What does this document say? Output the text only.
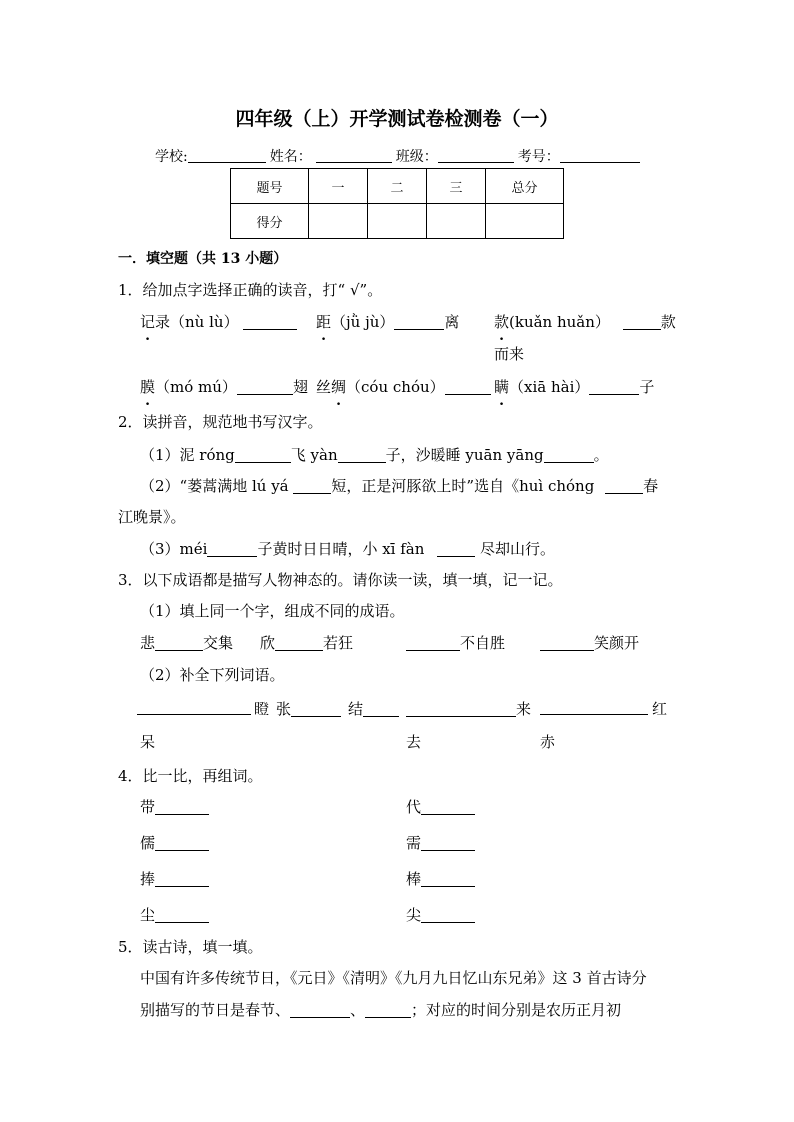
四年级（上）开学测试卷检测卷（一）
学校:	姓名：	班级：	考号：
题号	一	二	三	总分
得分				
一．填空题（共 13 小题）
1．给加点字选择正确的读音，打“ √”。
记录（nù lù）	距（jǜ jù）	离 款(kuǎn huǎn）	款
而来
膜（mó mú）	翅 丝绸（cóu chóu）	瞒（xiā hài）	子
2．读拼音，规范地书写汉字。
（1）泥 róng	飞 yàn	子，沙暖睡 yuān yāng	。
（2）“蒌蒿满地 lú yá	短，正是河豚欲上时”选自《huì chóng	春
江晚景》。
（3）méi	子黄时日日晴，小 xī fàn	尽却山行。
3．以下成语都是描写人物神态的。请你读一读，填一填，记一记。
（1）填上同一个字，组成不同的成语。
悲	交集 欣	若狂	不自胜	笑颜开
（2）补全下列词语。
瞪 张	结	来	红
呆	去	赤
4．比一比，再组词。
带	代
儒	需
捧	棒
尘	尖
5．读古诗，填一填。
中国有许多传统节日，《元日》《清明》《九月九日忆山东兄弟》这 3 首古诗分
别描写的节日是春节、	、	；对应的时间分别是农历正月初
